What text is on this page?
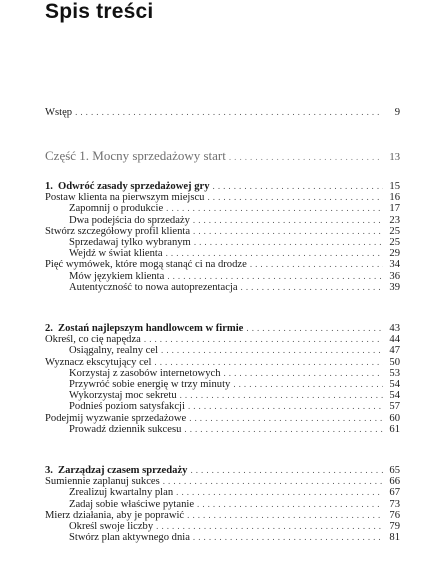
Spis treści
Wstęp . . .	9
Część 1. Mocny sprzedażowy start . . .	13
1. Odwróć zasady sprzedażowej gry . . .	15
Postaw klienta na pierwszym miejscu . . .	16
Zapomnij o produkcie . . .	17
Dwa podejścia do sprzedaży . . .	23
Stwórz szczegółowy profil klienta . . .	25
Sprzedawaj tylko wybranym . . .	25
Wejdź w świat klienta . . .	29
Pięć wymówek, które mogą stanąć ci na drodze . . .	34
Mów językiem klienta . . .	36
Autentyczność to nowa autoprezentacja . . .	39
2. Zostań najlepszym handlowcem w firmie . . .	43
Określ, co cię napędza . . .	44
Osiągalny, realny cel . . .	47
Wyznacz ekscytujący cel . . .	50
Korzystaj z zasobów internetowych . . .	53
Przywróć sobie energię w trzy minuty . . .	54
Wykorzystaj moc sekretu . . .	54
Podnieś poziom satysfakcji . . .	57
Podejmij wyzwanie sprzedażowe . . .	60
Prowadź dziennik sukcesu . . .	61
3. Zarządzaj czasem sprzedaży . . .	65
Sumiennie zaplanuj sukces . . .	66
Zrealizuj kwartalny plan . . .	67
Zadaj sobie właściwe pytanie . . .	73
Mierz działania, aby je poprawić . . .	76
Określ swoje liczby . . .	79
Stwórz plan aktywnego dnia . . .	81
